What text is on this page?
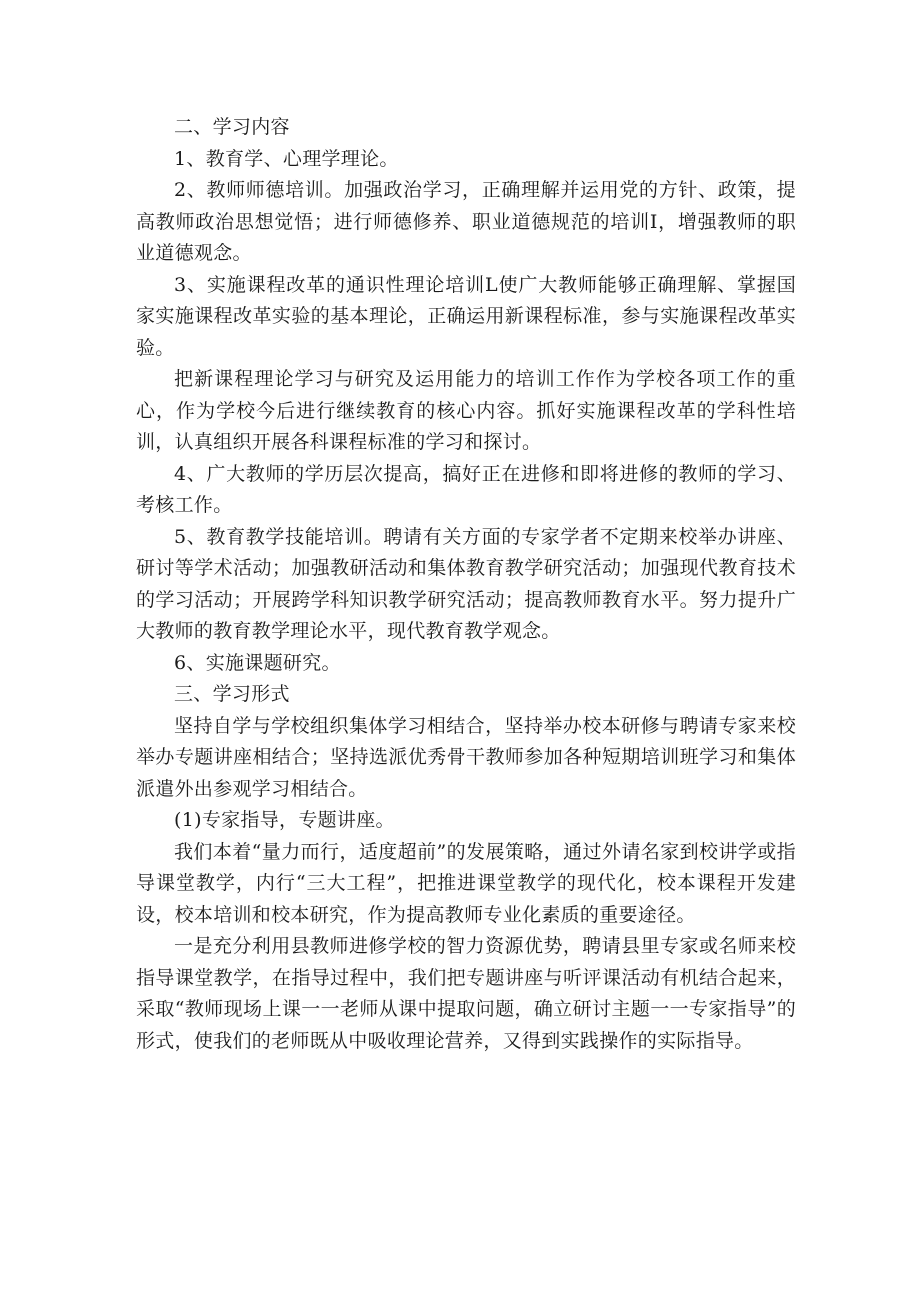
二、学习内容

1、教育学、心理学理论。

2、教师师德培训。加强政治学习，正确理解并运用党的方针、政策，提高教师政治思想觉悟；进行师德修养、职业道德规范的培训I，增强教师的职业道德观念。

3、实施课程改革的通识性理论培训L使广大教师能够正确理解、掌握国家实施课程改革实验的基本理论，正确运用新课程标准，参与实施课程改革实验。

把新课程理论学习与研究及运用能力的培训工作作为学校各项工作的重心，作为学校今后进行继续教育的核心内容。抓好实施课程改革的学科性培训，认真组织开展各科课程标准的学习和探讨。

4、广大教师的学历层次提高，搞好正在进修和即将进修的教师的学习、考核工作。

5、教育教学技能培训。聘请有关方面的专家学者不定期来校举办讲座、研讨等学术活动；加强教研活动和集体教育教学研究活动；加强现代教育技术的学习活动；开展跨学科知识教学研究活动；提高教师教育水平。努力提升广大教师的教育教学理论水平，现代教育教学观念。

6、实施课题研究。

三、学习形式

坚持自学与学校组织集体学习相结合，坚持举办校本研修与聘请专家来校举办专题讲座相结合；坚持选派优秀骨干教师参加各种短期培训班学习和集体派遣外出参观学习相结合。

(1)专家指导，专题讲座。

我们本着“量力而行，适度超前”的发展策略，通过外请名家到校讲学或指导课堂教学，内行“三大工程”，把推进课堂教学的现代化，校本课程开发建设，校本培训和校本研究，作为提高教师专业化素质的重要途径。

一是充分利用县教师进修学校的智力资源优势，聘请县里专家或名师来校指导课堂教学，在指导过程中，我们把专题讲座与听评课活动有机结合起来，采取“教师现场上课一一老师从课中提取问题，确立研讨主题一一专家指导”的形式，使我们的老师既从中吸收理论营养，又得到实践操作的实际指导。
